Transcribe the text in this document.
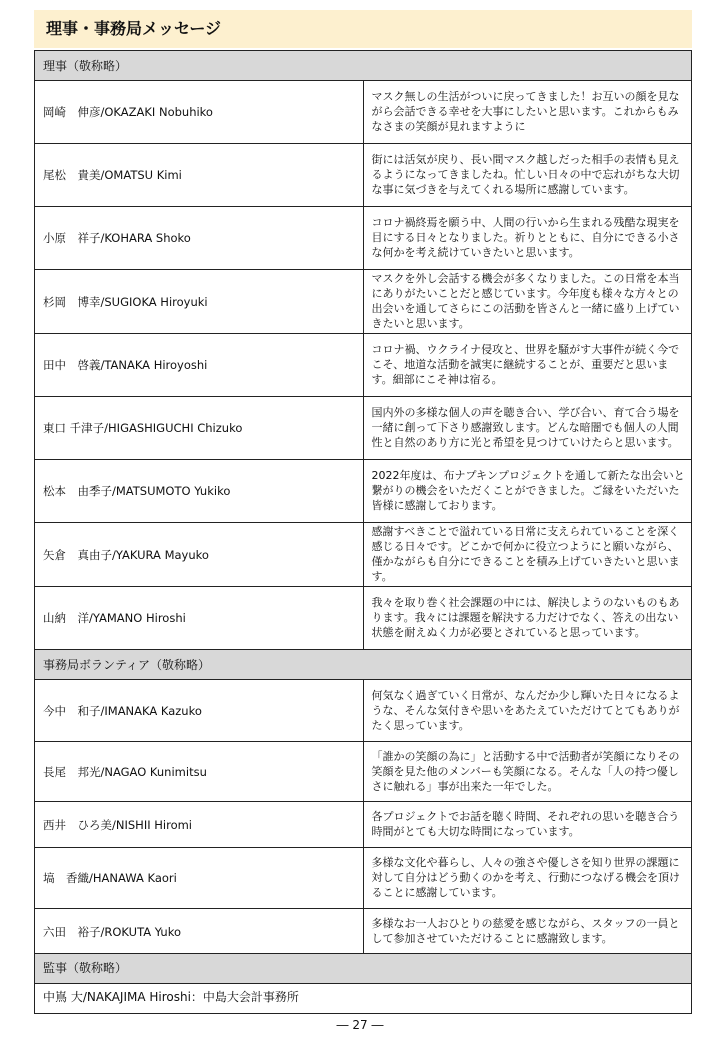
理事・事務局メッセージ
理事（敬称略）	
岡崎　伸彦/OKAZAKI Nobuhiko	マスク無しの生活がついに戻ってきました！お互いの顔を見ながら会話できる幸せを大事にしたいと思います。これからもみなさまの笑顔が見れますように
尾松　貴美/OMATSU Kimi	街には活気が戻り、長い間マスク越しだった相手の表情も見えるようになってきましたね。忙しい日々の中で忘れがちな大切な事に気づきを与えてくれる場所に感謝しています。
小原　祥子/KOHARA Shoko	コロナ禍終焉を願う中、人間の行いから生まれる残酷な現実を目にする日々となりました。祈りとともに、自分にできる小さな何かを考え続けていきたいと思います。
杉岡　博幸/SUGIOKA Hiroyuki	マスクを外し会話する機会が多くなりました。この日常を本当にありがたいことだと感じています。今年度も様々な方々との出会いを通してさらにこの活動を皆さんと一緒に盛り上げていきたいと思います。
田中　啓義/TANAKA Hiroyoshi	コロナ禍、ウクライナ侵攻と、世界を騒がす大事件が続く今でこそ、地道な活動を誠実に継続することが、重要だと思います。細部にこそ神は宿る。
東口 千津子/HIGASHIGUCHI Chizuko	国内外の多様な個人の声を聴き合い、学び合い、育て合う場を一緒に創って下さり感謝致します。どんな暗闇でも個人の人間性と自然のあり方に光と希望を見つけていけたらと思います。
松本　由季子/MATSUMOTO Yukiko	2022年度は、布ナプキンプロジェクトを通して新たな出会いと繋がりの機会をいただくことができました。ご縁をいただいた皆様に感謝しております。
矢倉　真由子/YAKURA Mayuko	感謝すべきことで溢れている日常に支えられていることを深く感じる日々です。どこかで何かに役立つようにと願いながら、僅かながらも自分にできることを積み上げていきたいと思います。
山納　洋/YAMANO Hiroshi	我々を取り巻く社会課題の中には、解決しようのないものもあります。我々には課題を解決する力だけでなく、答えの出ない状態を耐えぬく力が必要とされていると思っています。
事務局ボランティア（敬称略）	
今中　和子/IMANAKA Kazuko	何気なく過ぎていく日常が、なんだか少し輝いた日々になるような、そんな気付きや思いをあたえていただけてとてもありがたく思っています。
長尾　邦光/NAGAO Kunimitsu	「誰かの笑顔の為に」と活動する中で活動者が笑顔になりその笑顔を見た他のメンバーも笑顔になる。そんな「人の持つ優しさに触れる」事が出来た一年でした。
西井　ひろ美/NISHII Hiromi	各プロジェクトでお話を聴く時間、それぞれの思いを聴き合う時間がとても大切な時間になっています。
塙　香織/HANAWA Kaori	多様な文化や暮らし、人々の強さや優しさを知り世界の課題に対して自分はどう動くのかを考え、行動につなげる機会を頂けることに感謝しています。
六田　裕子/ROKUTA Yuko	多様なお一人おひとりの慈愛を感じながら、スタッフの一員として参加させていただけることに感謝致します。
監事（敬称略）
中嶌 大/NAKAJIMA Hiroshi：中島大会計事務所
― 27 ―
